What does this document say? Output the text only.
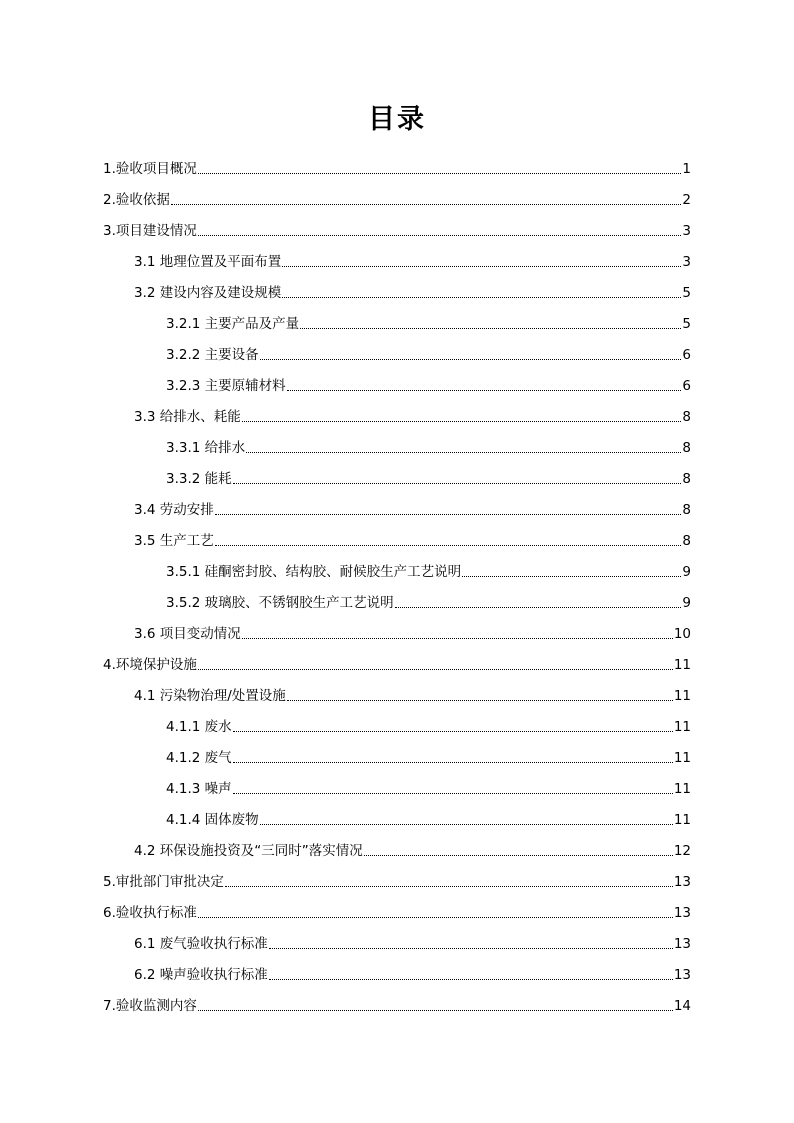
目录
1.验收项目概况	1
2.验收依据	2
3.项目建设情况	3
3.1 地理位置及平面布置	3
3.2 建设内容及建设规模	5
3.2.1 主要产品及产量	5
3.2.2 主要设备	6
3.2.3 主要原辅材料	6
3.3 给排水、耗能	8
3.3.1 给排水	8
3.3.2 能耗	8
3.4 劳动安排	8
3.5 生产工艺	8
3.5.1 硅酮密封胶、结构胶、耐候胶生产工艺说明	9
3.5.2 玻璃胶、不锈钢胶生产工艺说明	9
3.6 项目变动情况	10
4.环境保护设施	11
4.1 污染物治理/处置设施	11
4.1.1 废水	11
4.1.2 废气	11
4.1.3 噪声	11
4.1.4 固体废物	11
4.2 环保设施投资及“三同时”落实情况	12
5.审批部门审批决定	13
6.验收执行标准	13
6.1 废气验收执行标准	13
6.2 噪声验收执行标准	13
7.验收监测内容	14
